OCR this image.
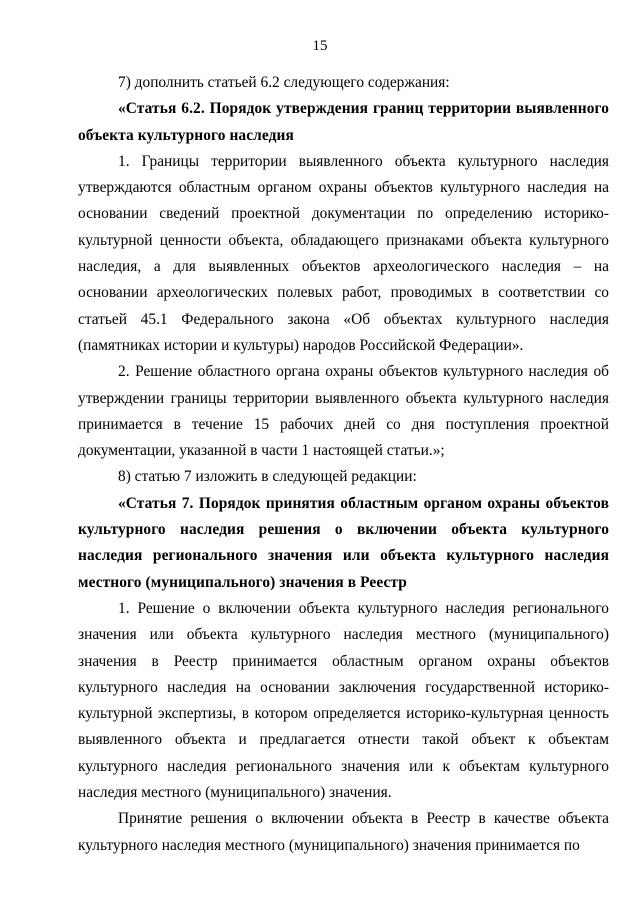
15

7) дополнить статьей 6.2 следующего содержания:

«Статья 6.2. Порядок утверждения границ территории выявленного объекта культурного наследия

1. Границы территории выявленного объекта культурного наследия утверждаются областным органом охраны объектов культурного наследия на основании сведений проектной документации по определению историко-культурной ценности объекта, обладающего признаками объекта культурного наследия, а для выявленных объектов археологического наследия – на основании археологических полевых работ, проводимых в соответствии со статьей 45.1 Федерального закона «Об объектах культурного наследия (памятниках истории и культуры) народов Российской Федерации».

2. Решение областного органа охраны объектов культурного наследия об утверждении границы территории выявленного объекта культурного наследия принимается в течение 15 рабочих дней со дня поступления проектной документации, указанной в части 1 настоящей статьи.»;

8) статью 7 изложить в следующей редакции:

«Статья 7. Порядок принятия областным органом охраны объектов культурного наследия решения о включении объекта культурного наследия регионального значения или объекта культурного наследия местного (муниципального) значения в Реестр

1. Решение о включении объекта культурного наследия регионального значения или объекта культурного наследия местного (муниципального) значения в Реестр принимается областным органом охраны объектов культурного наследия на основании заключения государственной историко-культурной экспертизы, в котором определяется историко-культурная ценность выявленного объекта и предлагается отнести такой объект к объектам культурного наследия регионального значения или к объектам культурного наследия местного (муниципального) значения.

Принятие решения о включении объекта в Реестр в качестве объекта культурного наследия местного (муниципального) значения принимается по
